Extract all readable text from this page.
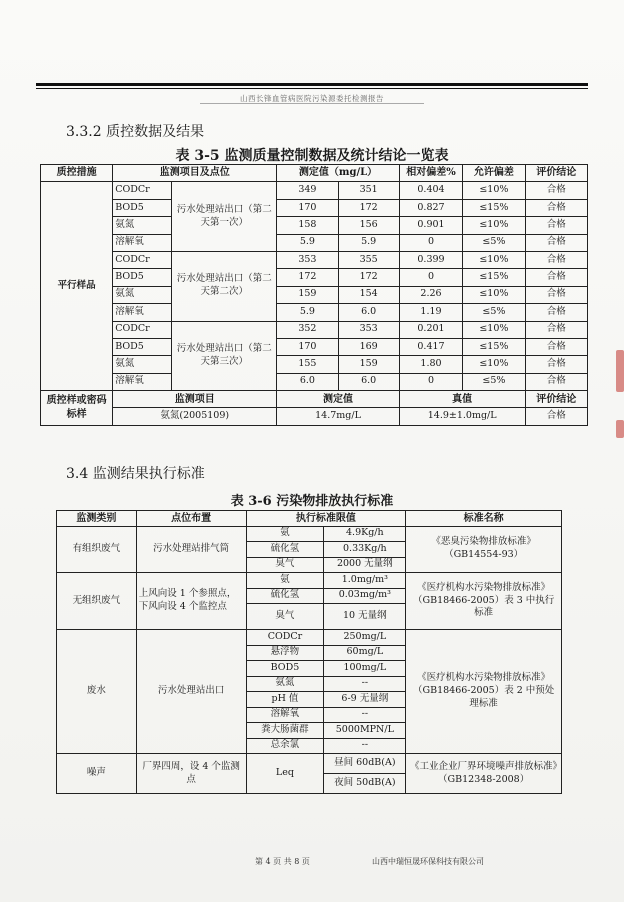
山西长锋血管病医院污染源委托检测报告
3.3.2 质控数据及结果
表 3-5 监测质量控制数据及统计结论一览表
质控措施	监测项目及点位		测定值（mg/L）		相对偏差%	允许偏差	评价结论
平行样品	CODCr	污水处理站出口（第二天第一次）	349	351	0.404	≤10%	合格
	BOD5		170	172	0.827	≤15%	合格
	氨氮		158	156	0.901	≤10%	合格
	溶解氧		5.9	5.9	0	≤5%	合格
	CODCr	污水处理站出口（第二天第二次）	353	355	0.399	≤10%	合格
	BOD5		172	172	0	≤15%	合格
	氨氮		159	154	2.26	≤10%	合格
	溶解氧		5.9	6.0	1.19	≤5%	合格
	CODCr	污水处理站出口（第二天第三次）	352	353	0.201	≤10%	合格
	BOD5		170	169	0.417	≤15%	合格
	氨氮		155	159	1.80	≤10%	合格
	溶解氧		6.0	6.0	0	≤5%	合格
质控样或密码标样	监测项目		测定值		真值		评价结论
	氨氮(2005109)		14.7mg/L		14.9±1.0mg/L		合格
3.4 监测结果执行标准
表 3-6 污染物排放执行标准
监测类别	点位布置	执行标准限值		标准名称
有组织废气	污水处理站排气筒	氨	4.9Kg/h	《恶臭污染物排放标准》（GB14554-93）
		硫化氢	0.33Kg/h	
		臭气	2000 无量纲	
无组织废气	上风向设 1 个参照点，下风向设 4 个监控点	氨	1.0mg/m³	《医疗机构水污染物排放标准》（GB18466-2005）表 3 中执行标准
		硫化氢	0.03mg/m³	
		臭气	10 无量纲	
废水	污水处理站出口	CODCr	250mg/L	《医疗机构水污染物排放标准》（GB18466-2005）表 2 中预处理标准
		悬浮物	60mg/L	
		BOD5	100mg/L	
		氨氮	--	
		pH 值	6-9 无量纲	
		溶解氧	--	
		粪大肠菌群	5000MPN/L	
		总余氯	--	
噪声	厂界四周，设 4 个监测点	Leq	昼间 60dB(A)	《工业企业厂界环境噪声排放标准》（GB12348-2008）
			夜间 50dB(A)	
第 4 页 共 8 页	山西中瑞恒晟环保科技有限公司
